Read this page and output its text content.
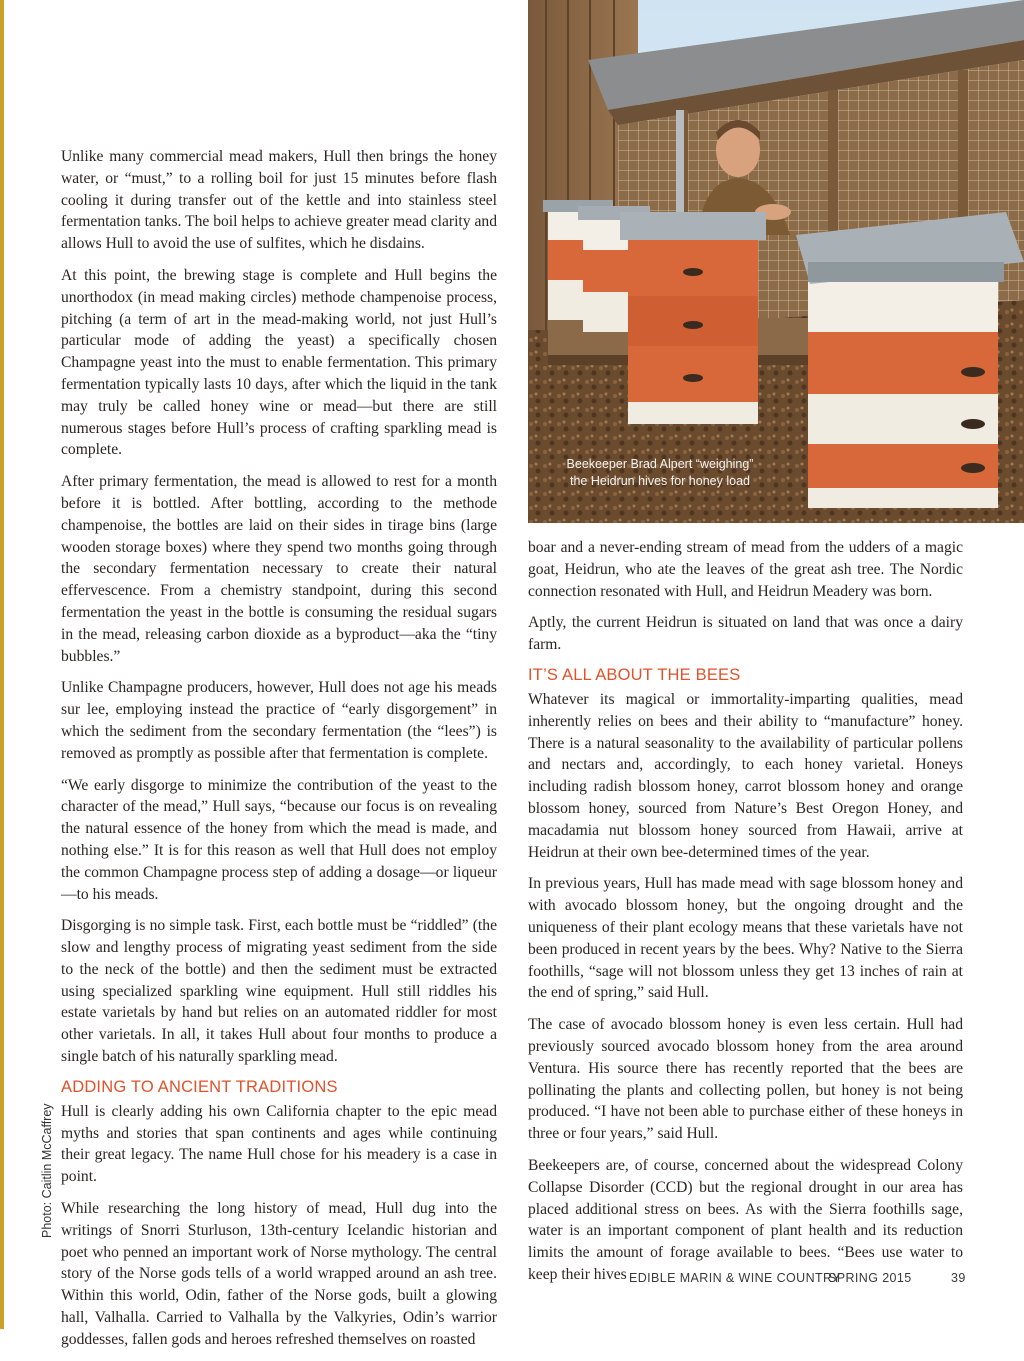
Beekeeper Brad Alpert “weighing” the Heidrun hives for honey load
Photo: Caitlin McCaffrey

Unlike many commercial mead makers, Hull then brings the honey water, or “must,” to a rolling boil for just 15 minutes before flash cooling it during transfer out of the kettle and into stainless steel fermentation tanks. The boil helps to achieve greater mead clarity and allows Hull to avoid the use of sulfites, which he disdains.

At this point, the brewing stage is complete and Hull begins the unorthodox (in mead making circles) methode champenoise process, pitching (a term of art in the mead-making world, not just Hull’s particular mode of adding the yeast) a specifically chosen Champagne yeast into the must to enable fermentation. This primary fermentation typically lasts 10 days, after which the liquid in the tank may truly be called honey wine or mead—but there are still numerous stages before Hull’s process of crafting sparkling mead is complete.

After primary fermentation, the mead is allowed to rest for a month before it is bottled. After bottling, according to the methode champenoise, the bottles are laid on their sides in tirage bins (large wooden storage boxes) where they spend two months going through the secondary fermentation necessary to create their natural effervescence. From a chemistry standpoint, during this second fermentation the yeast in the bottle is consuming the residual sugars in the mead, releasing carbon dioxide as a byproduct—aka the “tiny bubbles.”

Unlike Champagne producers, however, Hull does not age his meads sur lee, employing instead the practice of “early disgorgement” in which the sediment from the secondary fermentation (the “lees”) is removed as promptly as possible after that fermentation is complete.

“We early disgorge to minimize the contribution of the yeast to the character of the mead,” Hull says, “because our focus is on revealing the natural essence of the honey from which the mead is made, and nothing else.” It is for this reason as well that Hull does not employ the common Champagne process step of adding a dosage—or liqueur—to his meads.

Disgorging is no simple task. First, each bottle must be “riddled” (the slow and lengthy process of migrating yeast sediment from the side to the neck of the bottle) and then the sediment must be extracted using specialized sparkling wine equipment. Hull still riddles his estate varietals by hand but relies on an automated riddler for most other varietals. In all, it takes Hull about four months to produce a single batch of his naturally sparkling mead.

ADDING TO ANCIENT TRADITIONS

Hull is clearly adding his own California chapter to the epic mead myths and stories that span continents and ages while continuing their great legacy. The name Hull chose for his meadery is a case in point.

While researching the long history of mead, Hull dug into the writings of Snorri Sturluson, 13th-century Icelandic historian and poet who penned an important work of Norse mythology. The central story of the Norse gods tells of a world wrapped around an ash tree. Within this world, Odin, father of the Norse gods, built a glowing hall, Valhalla. Carried to Valhalla by the Valkyries, Odin’s warrior goddesses, fallen gods and heroes refreshed themselves on roasted

boar and a never-ending stream of mead from the udders of a magic goat, Heidrun, who ate the leaves of the great ash tree. The Nordic connection resonated with Hull, and Heidrun Meadery was born.

Aptly, the current Heidrun is situated on land that was once a dairy farm.

IT’S ALL ABOUT THE BEES

Whatever its magical or immortality-imparting qualities, mead inherently relies on bees and their ability to “manufacture” honey. There is a natural seasonality to the availability of particular pollens and nectars and, accordingly, to each honey varietal. Honeys including radish blossom honey, carrot blossom honey and orange blossom honey, sourced from Nature’s Best Oregon Honey, and macadamia nut blossom honey sourced from Hawaii, arrive at Heidrun at their own bee-determined times of the year.

In previous years, Hull has made mead with sage blossom honey and with avocado blossom honey, but the ongoing drought and the uniqueness of their plant ecology means that these varietals have not been produced in recent years by the bees. Why? Native to the Sierra foothills, “sage will not blossom unless they get 13 inches of rain at the end of spring,” said Hull.

The case of avocado blossom honey is even less certain. Hull had previously sourced avocado blossom honey from the area around Ventura. His source there has recently reported that the bees are pollinating the plants and collecting pollen, but honey is not being produced. “I have not been able to purchase either of these honeys in three or four years,” said Hull.

Beekeepers are, of course, concerned about the widespread Colony Collapse Disorder (CCD) but the regional drought in our area has placed additional stress on bees. As with the Sierra foothills sage, water is an important component of plant health and its reduction limits the amount of forage available to bees. “Bees use water to keep their hives EDIBLE MARIN & WINE COUNTRY
SPRING 2015	39
